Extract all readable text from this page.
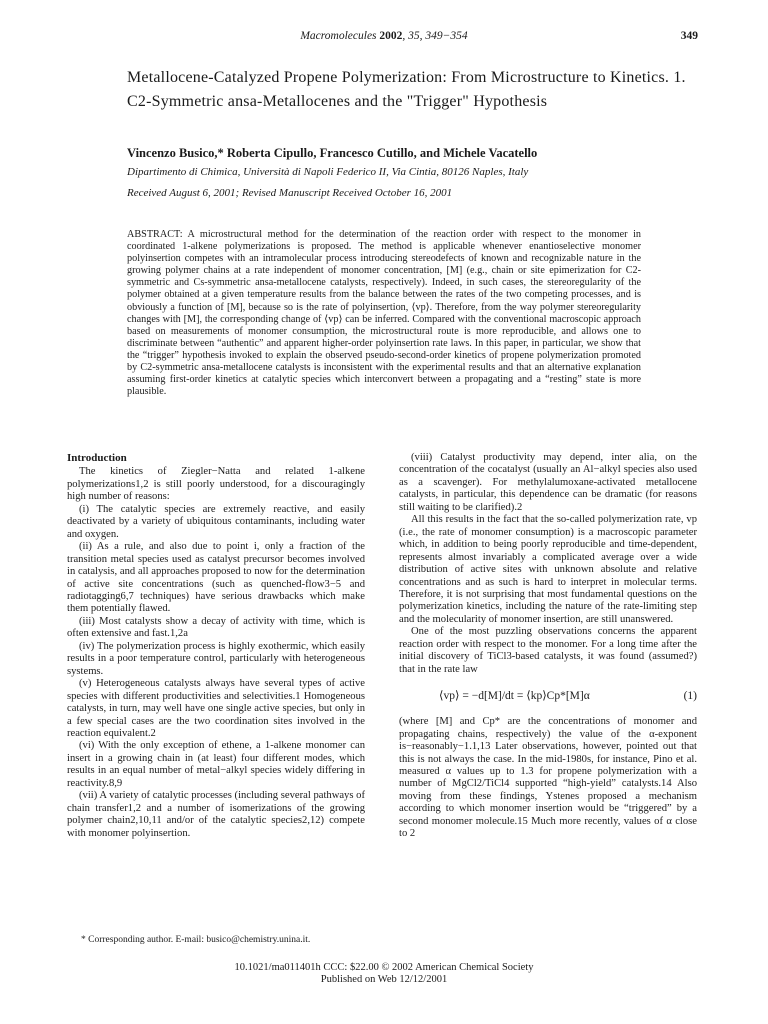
Macromolecules 2002, 35, 349−354	349
Metallocene-Catalyzed Propene Polymerization: From Microstructure to Kinetics. 1. C2-Symmetric ansa-Metallocenes and the "Trigger" Hypothesis
Vincenzo Busico,* Roberta Cipullo, Francesco Cutillo, and Michele Vacatello
Dipartimento di Chimica, Università di Napoli Federico II, Via Cintia, 80126 Naples, Italy
Received August 6, 2001; Revised Manuscript Received October 16, 2001
ABSTRACT: A microstructural method for the determination of the reaction order with respect to the monomer in coordinated 1-alkene polymerizations is proposed. The method is applicable whenever enantioselective monomer polyinsertion competes with an intramolecular process introducing stereodefects of known and recognizable nature in the growing polymer chains at a rate independent of monomer concentration, [M] (e.g., chain or site epimerization for C2-symmetric and Cs-symmetric ansa-metallocene catalysts, respectively). Indeed, in such cases, the stereoregularity of the polymer obtained at a given temperature results from the balance between the rates of the two competing processes, and is obviously a function of [M], because so is the rate of polyinsertion, ⟨vp⟩. Therefore, from the way polymer stereoregularity changes with [M], the corresponding change of ⟨vp⟩ can be inferred. Compared with the conventional macroscopic approach based on measurements of monomer consumption, the microstructural route is more reproducible, and allows one to discriminate between “authentic” and apparent higher-order polyinsertion rate laws. In this paper, in particular, we show that the “trigger” hypothesis invoked to explain the observed pseudo-second-order kinetics of propene polymerization promoted by C2-symmetric ansa-metallocene catalysts is inconsistent with the experimental results and that an alternative explanation assuming first-order kinetics at catalytic species which interconvert between a propagating and a “resting” state is more plausible.
Introduction

The kinetics of Ziegler−Natta and related 1-alkene polymerizations1,2 is still poorly understood, for a discouragingly high number of reasons:

(i) The catalytic species are extremely reactive, and easily deactivated by a variety of ubiquitous contaminants, including water and oxygen.

(ii) As a rule, and also due to point i, only a fraction of the transition metal species used as catalyst precursor becomes involved in catalysis, and all approaches proposed to now for the determination of active site concentrations (such as quenched-flow3−5 and radiotagging6,7 techniques) have serious drawbacks which make them potentially flawed.

(iii) Most catalysts show a decay of activity with time, which is often extensive and fast.1,2a

(iv) The polymerization process is highly exothermic, which easily results in a poor temperature control, particularly with heterogeneous systems.

(v) Heterogeneous catalysts always have several types of active species with different productivities and selectivities.1 Homogeneous catalysts, in turn, may well have one single active species, but only in a few special cases are the two coordination sites involved in the reaction equivalent.2

(vi) With the only exception of ethene, a 1-alkene monomer can insert in a growing chain in (at least) four different modes, which results in an equal number of metal−alkyl species widely differing in reactivity.8,9

(vii) A variety of catalytic processes (including several pathways of chain transfer1,2 and a number of isomerizations of the growing polymer chain2,10,11 and/or of the catalytic species2,12) compete with monomer polyinsertion.

* Corresponding author. E-mail: busico@chemistry.unina.it.

(viii) Catalyst productivity may depend, inter alia, on the concentration of the cocatalyst (usually an Al−alkyl species also used as a scavenger). For methylalumoxane-activated metallocene catalysts, in particular, this dependence can be dramatic (for reasons still waiting to be clarified).2

All this results in the fact that the so-called polymerization rate, vp (i.e., the rate of monomer consumption) is a macroscopic parameter which, in addition to being poorly reproducible and time-dependent, represents almost invariably a complicated average over a wide distribution of active sites with unknown absolute and relative concentrations and as such is hard to interpret in molecular terms. Therefore, it is not surprising that most fundamental questions on the polymerization kinetics, including the nature of the rate-limiting step and the molecularity of monomer insertion, are still unanswered.

One of the most puzzling observations concerns the apparent reaction order with respect to the monomer. For a long time after the initial discovery of TiCl3-based catalysts, it was found (assumed?) that in the rate law

⟨vp⟩ = −d[M]/dt = ⟨kp⟩Cp*[M]α	(1)

(where [M] and Cp* are the concentrations of monomer and propagating chains, respectively) the value of the α-exponent is−reasonably−1.1,13 Later observations, however, pointed out that this is not always the case. In the mid-1980s, for instance, Pino et al. measured α values up to 1.3 for propene polymerization with a number of MgCl2/TiCl4 supported “high-yield” catalysts.14 Also moving from these findings, Ystenes proposed a mechanism according to which monomer insertion would be “triggered” by a second monomer molecule.15 Much more recently, values of α close to 2

10.1021/ma011401h CCC: $22.00 © 2002 American Chemical Society
Published on Web 12/12/2001
